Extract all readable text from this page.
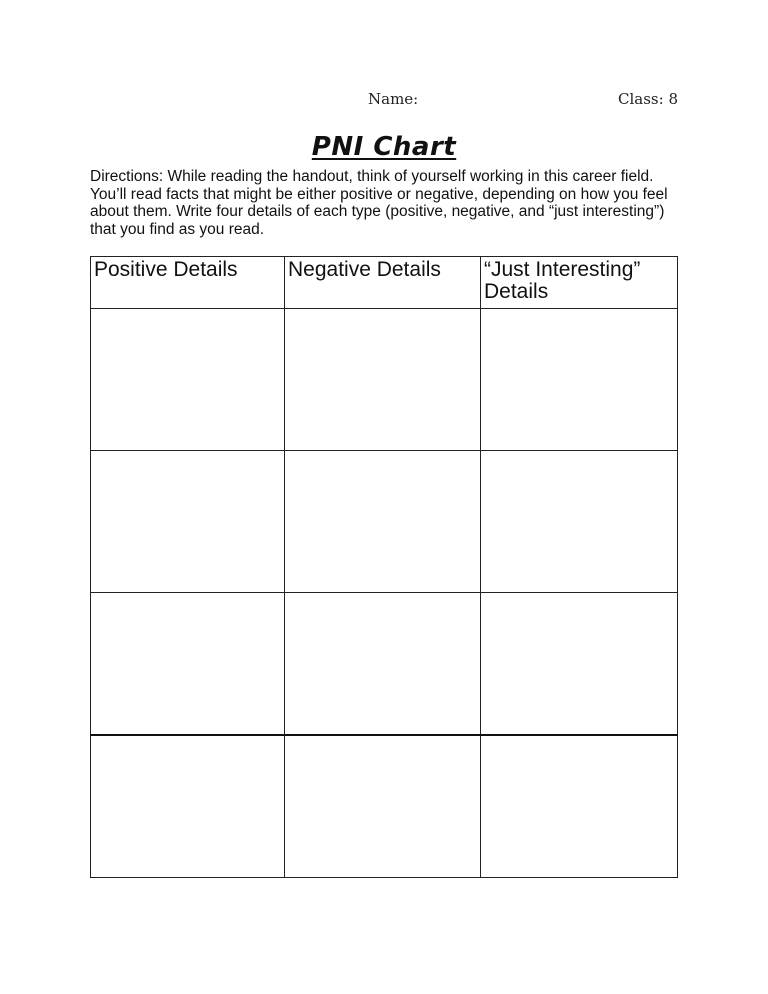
Name:	Class: 8
PNI Chart
Directions: While reading the handout, think of yourself working in this career field. You’ll read facts that might be either positive or negative, depending on how you feel about them. Write four details of each type (positive, negative, and “just interesting”) that you find as you read.
Positive Details	Negative Details	“Just Interesting” Details
